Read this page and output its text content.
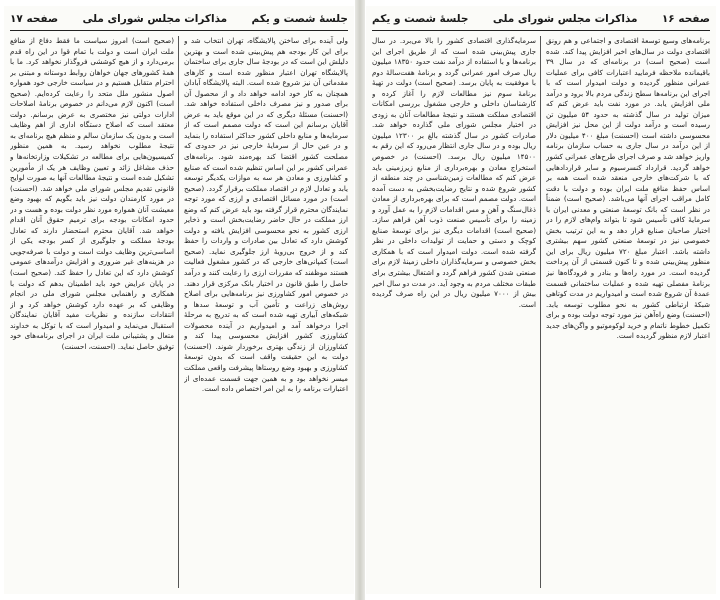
جلسهٔ شصت و یکم
مذاکرات مجلس شورای ملی
صفحه ۱۷
ولی آینده برای ساختن پالایشگاه، تهران انتخاب شد و برای این کار بودجه هم پیش‌بینی شده است و بهترین دلیلش این است که در بودجهٔ سال جاری برای ساختمان پالایشگاه تهران اعتبار منظور شده است و کارهای مقدماتی آن نیز شروع شده است. البته پالایشگاه آبادان همچنان به کار خود ادامه خواهد داد و از محصول آن برای صدور و نیز مصرف داخلی استفاده خواهد شد. (احسنت) مسئلهٔ دیگری که در این موقع باید به عرض آقایان برسانم این است که دولت مصمم است که از سرمایه‌ها و منابع داخلی کشور حداکثر استفاده را بنماید و در عین حال از سرمایهٔ خارجی نیز در حدودی که مصلحت کشور اقتضا کند بهره‌مند شود. برنامه‌های عمرانی کشور بر این اساس تنظیم شده است که صنایع و کشاورزی و معادن هر سه به موازات یکدیگر توسعه یابد و تعادل لازم در اقتصاد مملکت برقرار گردد. (صحیح است) در مورد مسائل اقتصادی و ارزی که مورد توجه نمایندگان محترم قرار گرفته بود باید عرض کنم که وضع ارز مملکت در حال حاضر رضایت‌بخش است و ذخایر ارزی کشور به نحو محسوسی افزایش یافته و دولت کوشش دارد که تعادل بین صادرات و واردات را حفظ کند و از خروج بی‌رویهٔ ارز جلوگیری نماید. (صحیح است) کمپانی‌های خارجی که در کشور مشغول فعالیت هستند موظفند که مقررات ارزی را رعایت کنند و درآمد حاصل را طبق قانون در اختیار بانک مرکزی قرار دهند. در خصوص امور کشاورزی نیز برنامه‌هایی برای اصلاح روش‌های زراعت و تأمین آب و توسعهٔ سدها و شبکه‌های آبیاری تهیه شده است که به تدریج به مرحلهٔ اجرا درخواهد آمد و امیدواریم در آینده محصولات کشاورزی کشور افزایش محسوسی پیدا کند و کشاورزان از زندگی بهتری برخوردار شوند. (احسنت) دولت به این حقیقت واقف است که بدون توسعهٔ کشاورزی و بهبود وضع روستاها پیشرفت واقعی مملکت میسر نخواهد بود و به همین جهت قسمت عمده‌ای از اعتبارات برنامه را به این امر اختصاص داده است.
(صحیح است) امروز سیاست ما فقط دفاع از منافع ملت ایران است و دولت با تمام قوا در این راه قدم برمی‌دارد و از هیچ کوششی فروگذار نخواهد کرد. ما با همهٔ کشورهای جهان خواهان روابط دوستانه و مبتنی بر احترام متقابل هستیم و در سیاست خارجی خود همواره اصول منشور ملل متحد را رعایت کرده‌ایم. (صحیح است) اکنون لازم می‌دانم در خصوص برنامهٔ اصلاحات ادارات دولتی نیز مختصری به عرض برسانم. دولت معتقد است که اصلاح دستگاه اداری از اهم وظایف است و بدون یک سازمان سالم و منظم هیچ برنامه‌ای به نتیجهٔ مطلوب نخواهد رسید. به همین منظور کمیسیون‌هایی برای مطالعه در تشکیلات وزارتخانه‌ها و حذف مشاغل زائد و تعیین وظایف هر یک از مأمورین تشکیل شده است و نتیجهٔ مطالعات آنها به صورت لوایح قانونی تقدیم مجلس شورای ملی خواهد شد. (احسنت) در مورد کارمندان دولت نیز باید بگویم که بهبود وضع معیشت آنان همواره مورد نظر دولت بوده و هست و در حدود امکانات بودجه برای ترمیم حقوق آنان اقدام خواهد شد. آقایان محترم استحضار دارند که تعادل بودجهٔ مملکت و جلوگیری از کسر بودجه یکی از اساسی‌ترین وظایف دولت است و دولت با صرفه‌جویی در هزینه‌های غیر ضروری و افزایش درآمدهای عمومی کوشش دارد که این تعادل را حفظ کند. (صحیح است) در پایان عرایض خود باید اطمینان بدهم که دولت با همکاری و راهنمایی مجلس شورای ملی در انجام وظایفی که بر عهده دارد کوشش خواهد کرد و از انتقادات سازنده و نظریات مفید آقایان نمایندگان استقبال می‌نماید و امیدوار است که با توکل به خداوند متعال و پشتیبانی ملت ایران در اجرای برنامه‌های خود توفیق حاصل نماید. (احسنت، احسنت)
صفحه ۱۶
مذاکرات مجلس شورای ملی
جلسهٔ شصت و یکم
برنامه‌های وسیع توسعهٔ اقتصادی و اجتماعی و هم رونق اقتصادی دولت در سال‌های اخیر افزایش پیدا کند. شده است (صحیح است) در برنامه‌ای که در سال ۳۹ باقیمانده ملاحظه فرمایید اعتبارات کافی برای عملیات عمرانی منظور گردیده و دولت امیدوار است که با اجرای این برنامه‌ها سطح زندگی مردم بالا برود و درآمد ملی افزایش یابد. در مورد نفت باید عرض کنم که میزان تولید در سال گذشته به حدود ۵۴ میلیون تن رسیده است و درآمد دولت از این محل نیز افزایش محسوسی داشته است (احسنت) مبلغ ۴۰۰ میلیون دلار از این درآمد در سال جاری به حساب سازمان برنامه واریز خواهد شد و صرف اجرای طرح‌های عمرانی کشور خواهد گردید. قرارداد کنسرسیوم و سایر قراردادهایی که با شرکت‌های خارجی منعقد شده است همه بر اساس حفظ منافع ملت ایران بوده و دولت با دقت کامل مراقب اجرای آنها می‌باشد. (صحیح است) ضمناً در نظر است که بانک توسعهٔ صنعتی و معدنی ایران با سرمایهٔ کافی تأسیس شود تا بتواند وام‌های لازم را در اختیار صاحبان صنایع قرار دهد و به این ترتیب بخش خصوصی نیز در توسعهٔ صنعتی کشور سهم بیشتری داشته باشد. اعتبار مبلغ ۷۲۰ میلیون ریال برای این منظور پیش‌بینی شده و تا کنون قسمتی از آن پرداخت گردیده است. در مورد راه‌ها و بنادر و فرودگاه‌ها نیز برنامهٔ مفصلی تهیه شده و عملیات ساختمانی قسمت عمدهٔ آن شروع شده است و امیدواریم در مدت کوتاهی شبکهٔ ارتباطی کشور به نحو مطلوب توسعه یابد. (احسنت) وضع راه‌آهن نیز مورد توجه دولت بوده و برای تکمیل خطوط ناتمام و خرید لوکوموتیو و واگن‌های جدید اعتبار لازم منظور گردیده است.
سرمایه‌گذاری اقتصادی کشور را بالا می‌برد. در سال جاری پیش‌بینی شده است که از طریق اجرای این برنامه‌ها و با استفاده از درآمد نفت حدود ۱۸۳۵۰ میلیون ریال صرف امور عمرانی گردد و برنامهٔ هفت‌سالهٔ دوم با موفقیت به پایان برسد. (صحیح است) دولت در تهیهٔ برنامهٔ سوم نیز مطالعات لازم را آغاز کرده و کارشناسان داخلی و خارجی مشغول بررسی امکانات اقتصادی مملکت هستند و نتیجهٔ مطالعات آنان به زودی در اختیار مجلس شورای ملی گذارده خواهد شد. صادرات کشور در سال گذشته بالغ بر ۱۲۳۰۰ میلیون ریال بوده و در سال جاری انتظار می‌رود که این رقم به ۱۴۵۰۰ میلیون ریال برسد. (احسنت) در خصوص استخراج معادن و بهره‌برداری از منابع زیرزمینی باید عرض کنم که مطالعات زمین‌شناسی در چند منطقه از کشور شروع شده و نتایج رضایت‌بخشی به دست آمده است. دولت مصمم است که برای بهره‌برداری از معادن ذغال‌سنگ و آهن و مس اقدامات لازم را به عمل آورد و زمینه را برای تأسیس صنعت ذوب آهن فراهم سازد. (صحیح است) اقدامات دیگری نیز برای توسعهٔ صنایع کوچک و دستی و حمایت از تولیدات داخلی در نظر گرفته شده است. دولت امیدوار است که با همکاری بخش خصوصی و سرمایه‌گذاران داخلی زمینهٔ لازم برای صنعتی شدن کشور فراهم گردد و اشتغال بیشتری برای طبقات مختلف مردم به وجود آید. در مدت دو سال اخیر بیش از ۷۰۰۰ میلیون ریال در این راه صرف گردیده است.
